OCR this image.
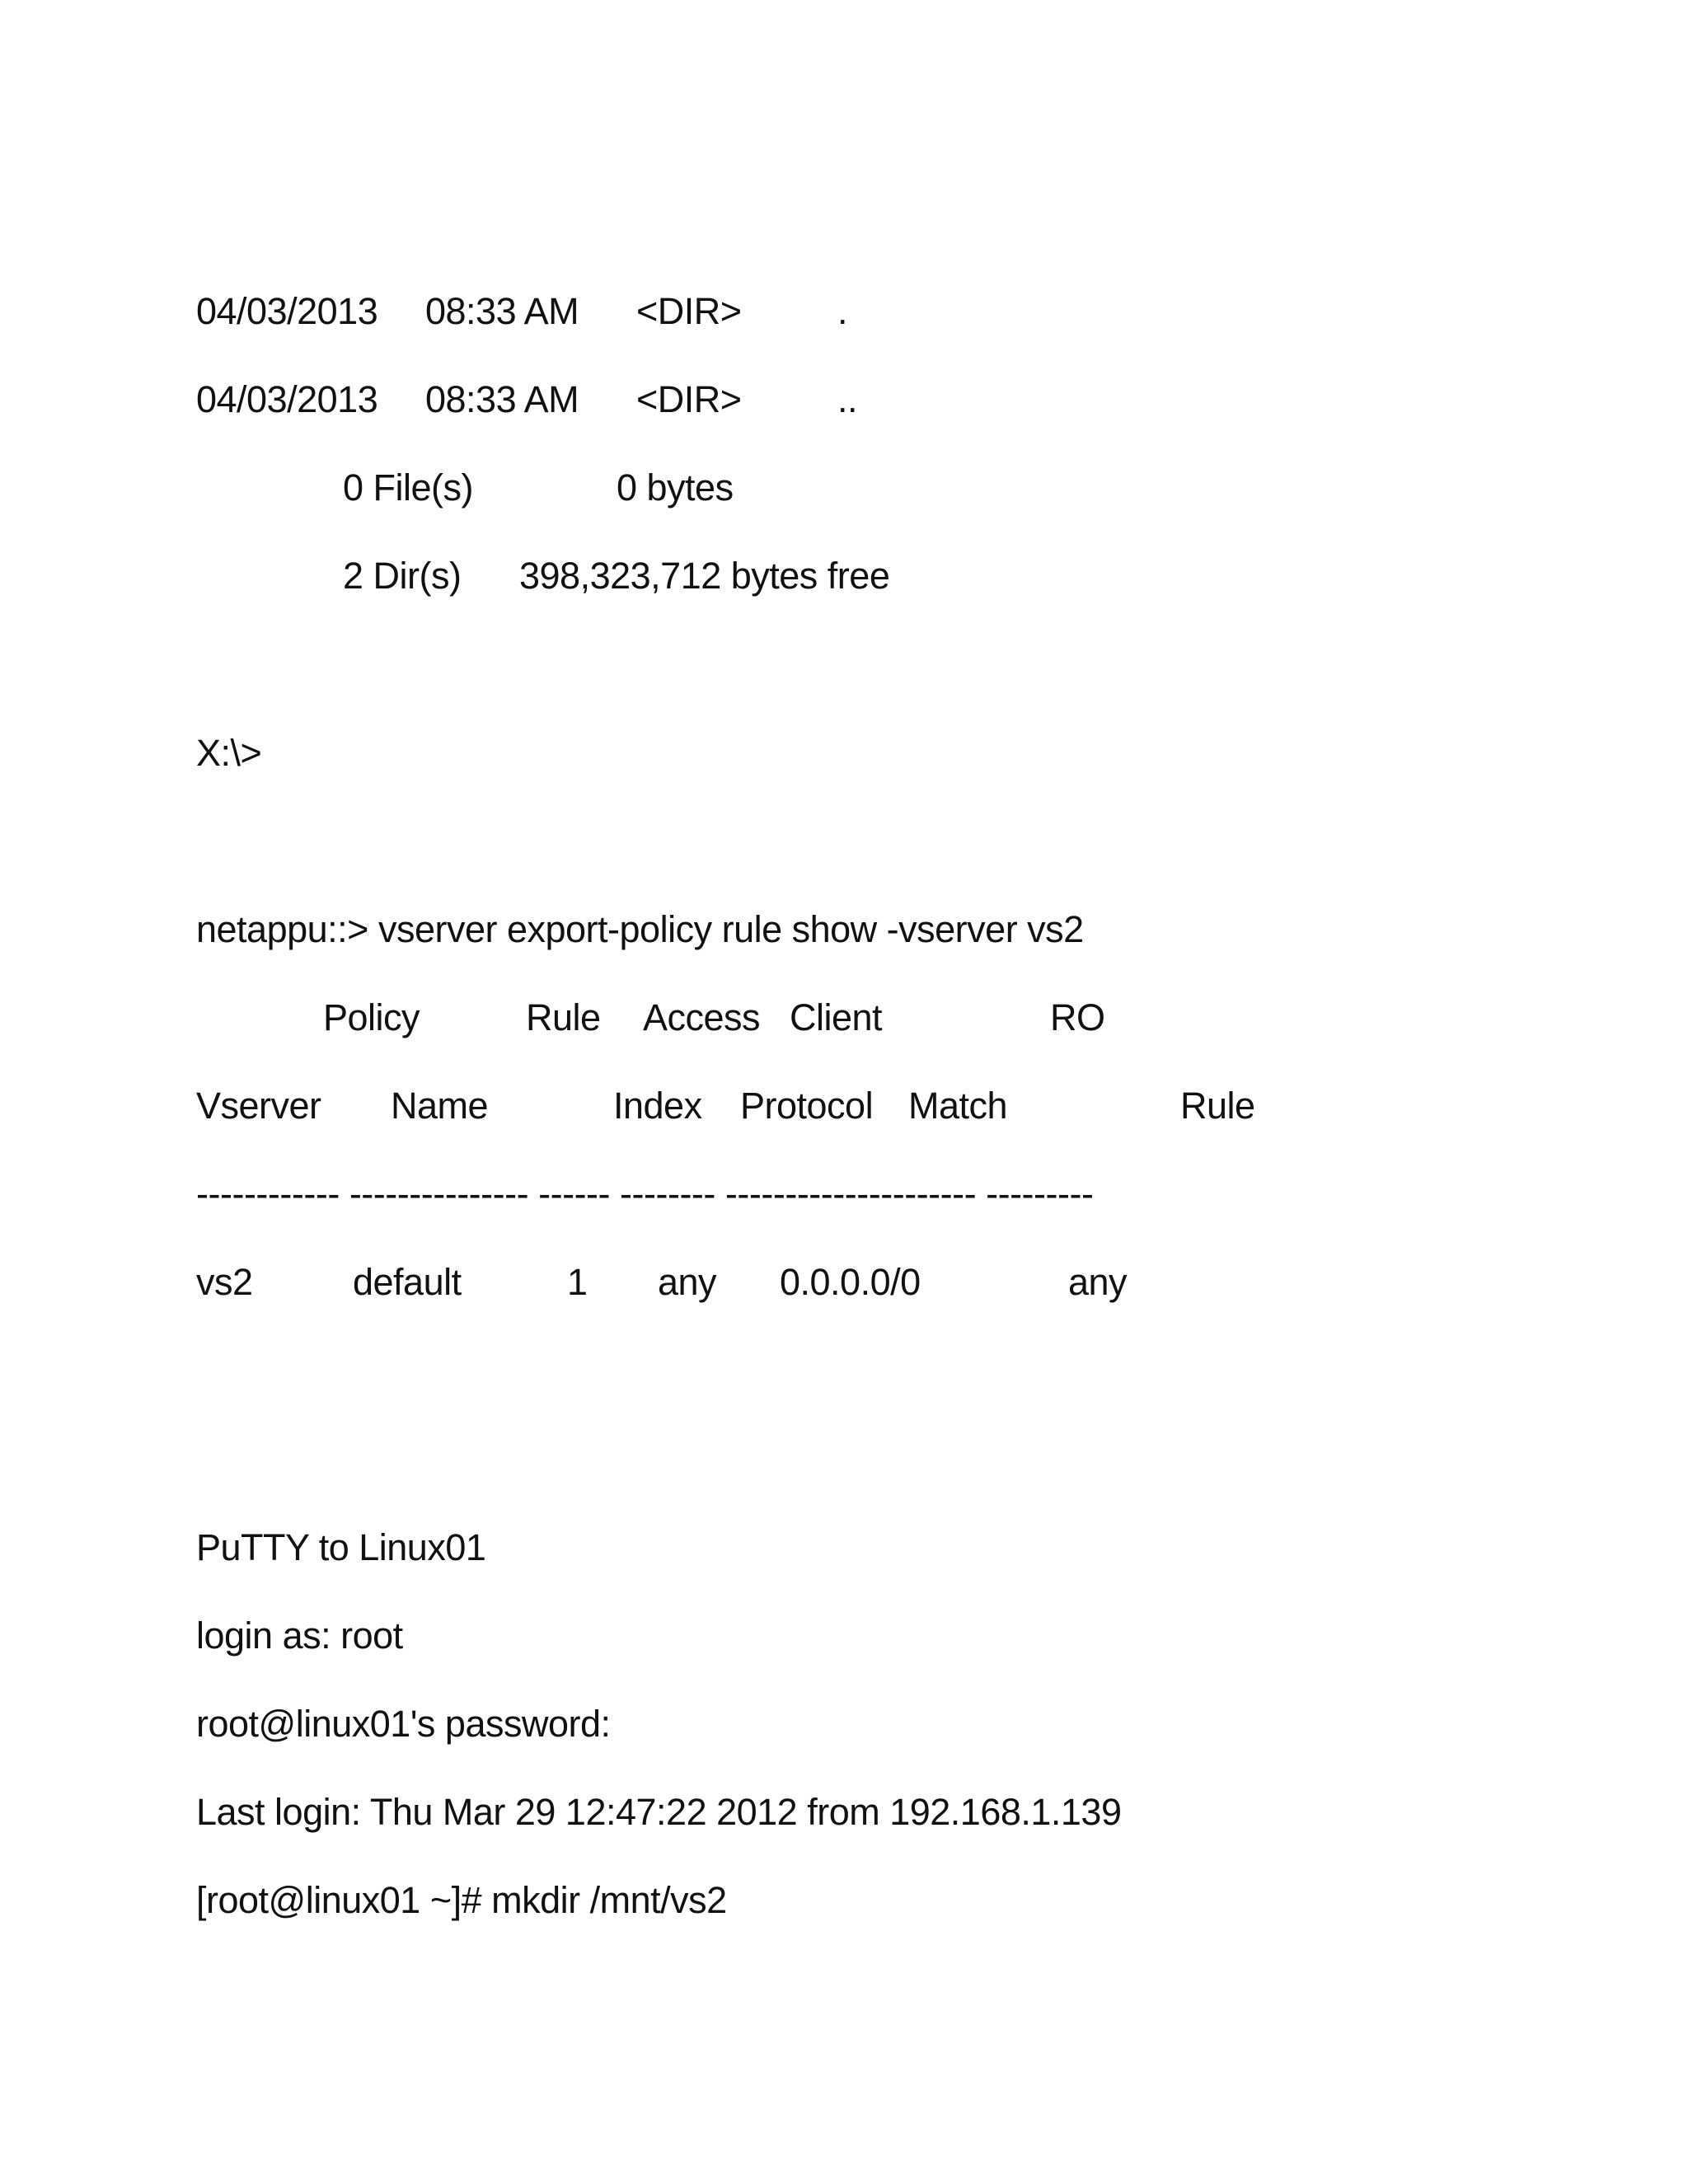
04/03/2013 08:33 AM <DIR>	.
04/03/2013 08:33 AM <DIR>	..
0 File(s)	0 bytes
2 Dir(s) 398,323,712 bytes free
X:\>
netappu::> vserver export-policy rule show -vserver vs2
Policy	Rule Access Client	RO
Vserver Name	Index Protocol Match	Rule
------------ --------------- ------ -------- --------------------- ---------
vs2	default	1 any 0.0.0.0/0	any
PuTTY to Linux01
login as: root
root@linux01's password:
Last login: Thu Mar 29 12:47:22 2012 from 192.168.1.139
[root@linux01 ~]# mkdir /mnt/vs2
